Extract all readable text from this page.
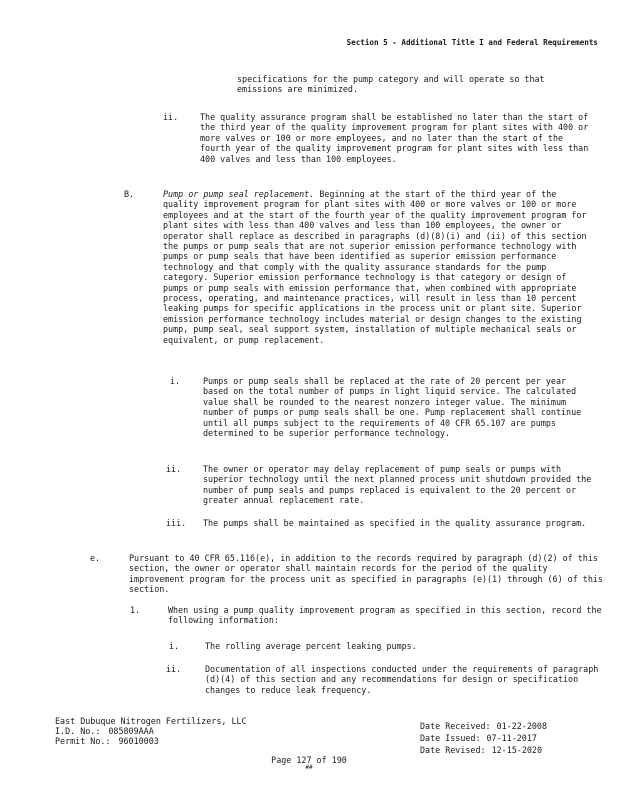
Section 5 - Additional Title I and Federal Requirements

specifications for the pump category and will operate so that emissions are minimized.

ii.	The quality assurance program shall be established no later than the start of the third year of the quality improvement program for plant sites with 400 or more valves or 100 or more employees, and no later than the start of the fourth year of the quality improvement program for plant sites with less than 400 valves and less than 100 employees.

B.	Pump or pump seal replacement. Beginning at the start of the third year of the quality improvement program for plant sites with 400 or more valves or 100 or more employees and at the start of the fourth year of the quality improvement program for plant sites with less than 400 valves and less than 100 employees, the owner or operator shall replace as described in paragraphs (d)(8)(i) and (ii) of this section the pumps or pump seals that are not superior emission performance technology with pumps or pump seals that have been identified as superior emission performance technology and that comply with the quality assurance standards for the pump category. Superior emission performance technology is that category or design of pumps or pump seals with emission performance that, when combined with appropriate process, operating, and maintenance practices, will result in less than 10 percent leaking pumps for specific applications in the process unit or plant site. Superior emission performance technology includes material or design changes to the existing pump, pump seal, seal support system, installation of multiple mechanical seals or equivalent, or pump replacement.

i.	Pumps or pump seals shall be replaced at the rate of 20 percent per year based on the total number of pumps in light liquid service. The calculated value shall be rounded to the nearest nonzero integer value. The minimum number of pumps or pump seals shall be one. Pump replacement shall continue until all pumps subject to the requirements of 40 CFR 65.107 are pumps determined to be superior performance technology.

ii.	The owner or operator may delay replacement of pump seals or pumps with superior technology until the next planned process unit shutdown provided the number of pump seals and pumps replaced is equivalent to the 20 percent or greater annual replacement rate.

iii.	The pumps shall be maintained as specified in the quality assurance program.

e.	Pursuant to 40 CFR 65.116(e), in addition to the records required by paragraph (d)(2) of this section, the owner or operator shall maintain records for the period of the quality improvement program for the process unit as specified in paragraphs (e)(1) through (6) of this section.

1.	When using a pump quality improvement program as specified in this section, record the following information:

i.	The rolling average percent leaking pumps.

ii.	Documentation of all inspections conducted under the requirements of paragraph (d)(4) of this section and any recommendations for design or specification changes to reduce leak frequency.

East Dubuque Nitrogen Fertilizers, LLC
I.D. No.: 085809AAA
Permit No.: 96010003
Date Received: 01-22-2008
Date Issued: 07-11-2017
Date Revised: 12-15-2020
Page 127 of 190
##
